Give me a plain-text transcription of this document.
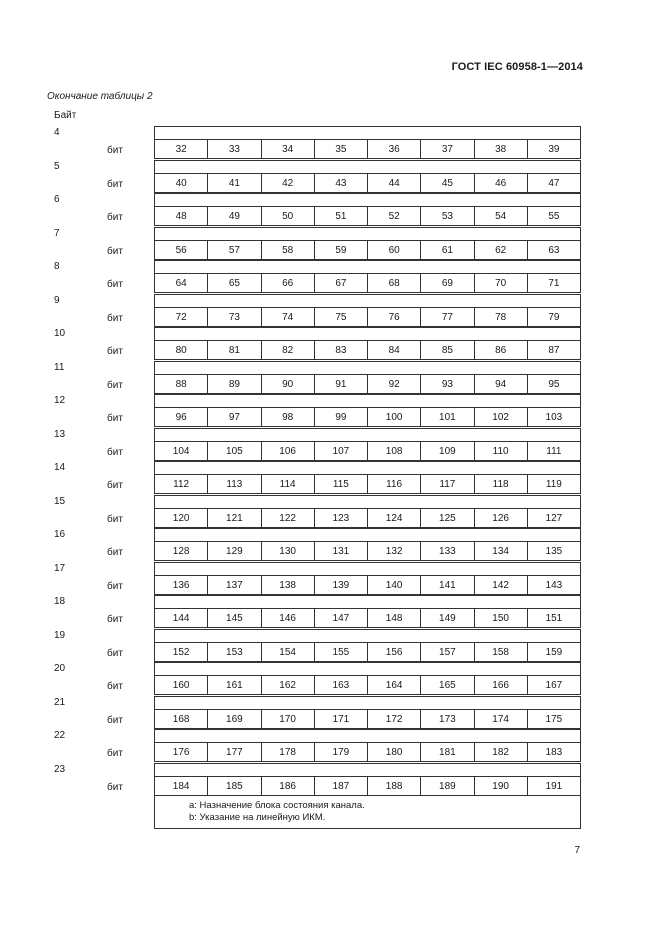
ГОСТ IEC 60958-1—2014
Окончание таблицы 2
Байт
4
бит	32	33	34	35	36	37	38	39
5
бит	40	41	42	43	44	45	46	47
6
бит	48	49	50	51	52	53	54	55
7
бит	56	57	58	59	60	61	62	63
8
бит	64	65	66	67	68	69	70	71
9
бит	72	73	74	75	76	77	78	79
10
бит	80	81	82	83	84	85	86	87
11
бит	88	89	90	91	92	93	94	95
12
бит	96	97	98	99	100	101	102	103
13
бит	104	105	106	107	108	109	110	111
14
бит	112	113	114	115	116	117	118	119
15
бит	120	121	122	123	124	125	126	127
16
бит	128	129	130	131	132	133	134	135
17
бит	136	137	138	139	140	141	142	143
18
бит	144	145	146	147	148	149	150	151
19
бит	152	153	154	155	156	157	158	159
20
бит	160	161	162	163	164	165	166	167
21
бит	168	169	170	171	172	173	174	175
22
бит	176	177	178	179	180	181	182	183
23
бит	184	185	186	187	188	189	190	191
a: Назначение блока состояния канала.
b: Указание на линейную ИКМ.
7
